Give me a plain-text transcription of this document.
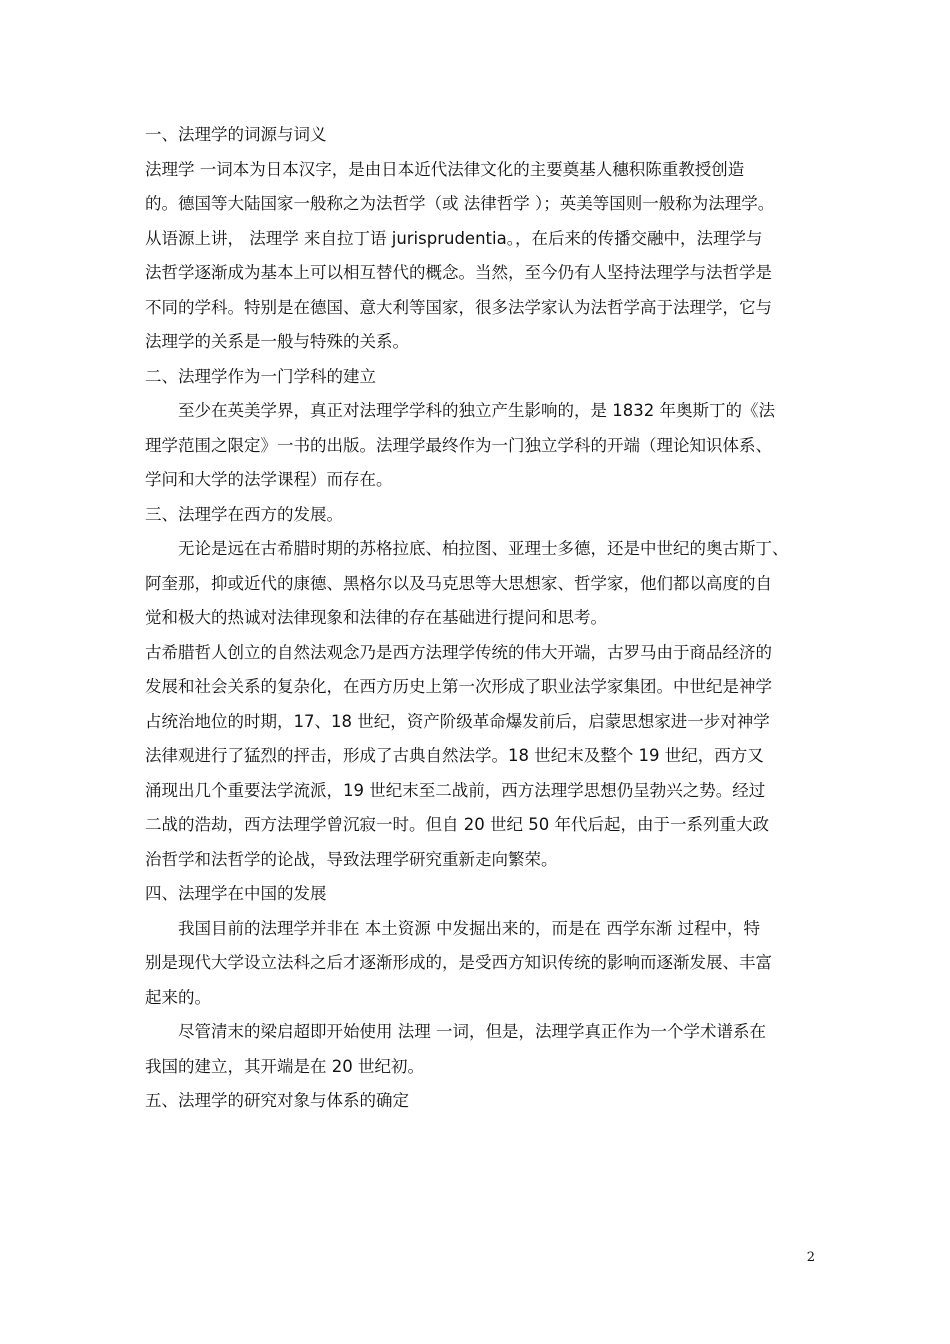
一、法理学的词源与词义
法理学 一词本为日本汉字，是由日本近代法律文化的主要奠基人穗积陈重教授创造
的。德国等大陆国家一般称之为法哲学（或 法律哲学 ）；英美等国则一般称为法理学。
从语源上讲， 法理学 来自拉丁语 jurisprudentia。，在后来的传播交融中，法理学与
法哲学逐渐成为基本上可以相互替代的概念。当然，至今仍有人坚持法理学与法哲学是
不同的学科。特别是在德国、意大利等国家，很多法学家认为法哲学高于法理学，它与
法理学的关系是一般与特殊的关系。
二、法理学作为一门学科的建立
至少在英美学界，真正对法理学学科的独立产生影响的，是 1832 年奥斯丁的《法
理学范围之限定》一书的出版。法理学最终作为一门独立学科的开端（理论知识体系、
学问和大学的法学课程）而存在。
三、法理学在西方的发展。
无论是远在古希腊时期的苏格拉底、柏拉图、亚理士多德，还是中世纪的奥古斯丁、
阿奎那，抑或近代的康德、黑格尔以及马克思等大思想家、哲学家，他们都以高度的自
觉和极大的热诚对法律现象和法律的存在基础进行提问和思考。
古希腊哲人创立的自然法观念乃是西方法理学传统的伟大开端，古罗马由于商品经济的
发展和社会关系的复杂化，在西方历史上第一次形成了职业法学家集团。中世纪是神学
占统治地位的时期，17、18 世纪，资产阶级革命爆发前后，启蒙思想家进一步对神学
法律观进行了猛烈的抨击，形成了古典自然法学。18 世纪末及整个 19 世纪，西方又
涌现出几个重要法学流派，19 世纪末至二战前，西方法理学思想仍呈勃兴之势。经过
二战的浩劫，西方法理学曾沉寂一时。但自 20 世纪 50 年代后起，由于一系列重大政
治哲学和法哲学的论战，导致法理学研究重新走向繁荣。
四、法理学在中国的发展
我国目前的法理学并非在 本土资源 中发掘出来的，而是在 西学东渐 过程中，特
别是现代大学设立法科之后才逐渐形成的，是受西方知识传统的影响而逐渐发展、丰富
起来的。
尽管清末的梁启超即开始使用 法理 一词，但是，法理学真正作为一个学术谱系在
我国的建立，其开端是在 20 世纪初。
五、法理学的研究对象与体系的确定
2
